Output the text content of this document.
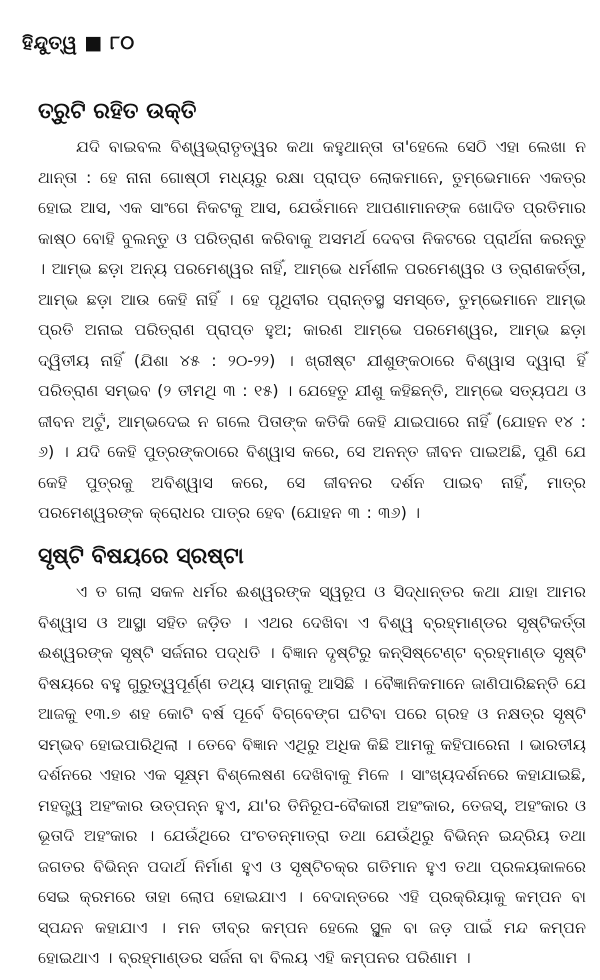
ହିନ୍ଦୁତ୍ୱ ■ ୮୦
ତ୍ରୁଟି ରହିତ ଉକ୍ତି

ଯଦି ବାଇବଲ ବିଶ୍ୱଭ୍ରାତୃତ୍ୱର କଥା କହୁଥାନ୍ତା ତା'ହେଲେ ସେଠି ଏହା ଲେଖା ନ ଥାନ୍ତା : ହେ ନାନା ଗୋଷ୍ଠୀ ମଧ୍ୟରୁ ରକ୍ଷା ପ୍ରାପ୍ତ ଲୋକମାନେ, ତୁମ୍ଭେମାନେ ଏକତ୍ର ହୋଇ ଆସ, ଏକ ସାଂଗେ ନିକଟକୁ ଆସ, ଯେଉଁମାନେ ଆପଣାମାନଙ୍କ ଖୋଦିତ ପ୍ରତିମାର କାଷ୍ଠ ବୋହି ବୁଲନ୍ତୁ ଓ ପରିତ୍ରାଣ କରିବାକୁ ଅସମର୍ଥ ଦେବତା ନିକଟରେ ପ୍ରାର୍ଥନା କରନ୍ତୁ । ଆମ୍ଭ ଛଡ଼ା ଅନ୍ୟ ପରମେଶ୍ୱର ନାହିଁ, ଆମ୍ଭେ ଧର୍ମଶୀଳ ପରମେଶ୍ୱର ଓ ତ୍ରାଣକର୍ତ୍ତା, ଆମ୍ଭ ଛଡ଼ା ଆଉ କେହି ନାହିଁ । ହେ ପୃଥିବୀର ପ୍ରାନ୍ତସ୍ଥ ସମସ୍ତେ, ତୁମ୍ଭେମାନେ ଆମ୍ଭ ପ୍ରତି ଅନାଇ ପରିତ୍ରାଣ ପ୍ରାପ୍ତ ହୁଅ; କାରଣ ଆମ୍ଭେ ପରମେଶ୍ୱର, ଆମ୍ଭ ଛଡ଼ା ଦ୍ୱିତୀୟ ନାହିଁ (ଯିଶା ୪୫ : ୨୦-୨୨) । ଖ୍ରୀଷ୍ଟ ଯୀଶୁଙ୍କଠାରେ ବିଶ୍ୱାସ ଦ୍ୱାରା ହିଁ ପରିତ୍ରାଣ ସମ୍ଭବ (୨ ତୀମଥି ୩ : ୧୫) । ଯେହେତୁ ଯୀଶୁ କହିଛନ୍ତି, ଆମ୍ଭେ ସତ୍ୟପଥ ଓ ଜୀବନ ଅଟୁଁ, ଆମ୍ଭଦେଇ ନ ଗଲେ ପିତାଙ୍କ କତିକି କେହି ଯାଇପାରେ ନାହିଁ (ଯୋହନ ୧୪ : ୬) । ଯଦି କେହି ପୁତ୍ରଙ୍କଠାରେ ବିଶ୍ୱାସ କରେ, ସେ ଅନନ୍ତ ଜୀବନ ପାଇଅଛି, ପୁଣି ଯେ କେହି ପୁତ୍ରକୁ ଅବିଶ୍ୱାସ କରେ, ସେ ଜୀବନର ଦର୍ଶନ ପାଇବ ନାହିଁ, ମାତ୍ର ପରମେଶ୍ୱରଙ୍କ କ୍ରୋଧର ପାତ୍ର ହେବ (ଯୋହନ ୩ : ୩୬) ।

ସୃଷ୍ଟି ବିଷୟରେ ସ୍ରଷ୍ଟା

ଏ ତ ଗଲା ସକଳ ଧର୍ମର ଈଶ୍ୱରଙ୍କ ସ୍ୱରୂପ ଓ ସିଦ୍ଧାନ୍ତର କଥା ଯାହା ଆମର ବିଶ୍ୱାସ ଓ ଆସ୍ଥା ସହିତ ଜଡ଼ିତ । ଏଥର ଦେଖିବା ଏ ବିଶ୍ୱ ବ୍ରହ୍ମାଣ୍ଡର ସୃଷ୍ଟିକର୍ତ୍ତା ଈଶ୍ୱରଙ୍କ ସୃଷ୍ଟି ସର୍ଜନାର ପଦ୍ଧତି । ବିଜ୍ଞାନ ଦୃଷ୍ଟିରୁ କନ୍‌ସିଷ୍ଟେଣ୍ଟ ବ୍ରହ୍ମାଣ୍ଡ ସୃଷ୍ଟି ବିଷୟରେ ବହୁ ଗୁରୁତ୍ୱପୂର୍ଣ୍ଣ ତଥ୍ୟ ସାମ୍ନାକୁ ଆସିଛି । ବୈଜ୍ଞାନିକମାନେ ଜାଣିପାରିଛନ୍ତି ଯେ ଆଜକୁ ୧୩.୭ ଶହ କୋଟି ବର୍ଷ ପୂର୍ବେ ବିଗ୍‌ବେଙ୍ଗ ଘଟିବା ପରେ ଗ୍ରହ ଓ ନକ୍ଷତ୍ର ସୃଷ୍ଟି ସମ୍ଭବ ହୋଇପାରିଥିଲା । ତେବେ ବିଜ୍ଞାନ ଏଥିରୁ ଅଧିକ କିଛି ଆମକୁ କହିପାରେନା । ଭାରତୀୟ ଦର୍ଶନରେ ଏହାର ଏକ ସୂକ୍ଷ୍ମ ବିଶ୍ଲେଷଣ ଦେଖିବାକୁ ମିଳେ । ସାଂଖ୍ୟଦର୍ଶନରେ କହାଯାଇଛି, ମହତ୍ତ୍ୱ ଅହଂକାର ଉତ୍ପନ୍ନ ହୁଏ, ଯା'ର ତିନିରୂପ-ବୈକାରୀ ଅହଂକାର, ତେଜସ୍, ଅହଂକାର ଓ ଭୂତାଦି ଅହଂକାର । ଯେଉଁଥିରେ ପଂଚତନ୍ମାତ୍ରା ତଥା ଯେଉଁଥିରୁ ବିଭିନ୍ନ ଇନ୍ଦ୍ରିୟ ତଥା ଜଗତର ବିଭିନ୍ନ ପଦାର୍ଥ ନିର୍ମାଣ ହୁଏ ଓ ସୃଷ୍ଟିଚକ୍ର ଗତିମାନ ହୁଏ ତଥା ପ୍ରଳୟକାଳରେ ସେଇ କ୍ରମରେ ତାହା ଲୋପ ହୋଇଯାଏ । ବେଦାନ୍ତରେ ଏହି ପ୍ରକ୍ରିୟାକୁ କମ୍ପନ ବା ସ୍ପନ୍ଦନ କହାଯାଏ । ମନ ତୀବ୍ର କମ୍ପନ ହେଲେ ସ୍ଥୂଳ ବା ଜଡ଼ ପାଇଁ ମନ୍ଦ କମ୍ପନ ହୋଇଥାଏ । ବ୍ରହ୍ମାଣ୍ଡର ସର୍ଜନା ବା ବିଲୟ ଏହି କମ୍ପନର ପରିଣାମ ।
